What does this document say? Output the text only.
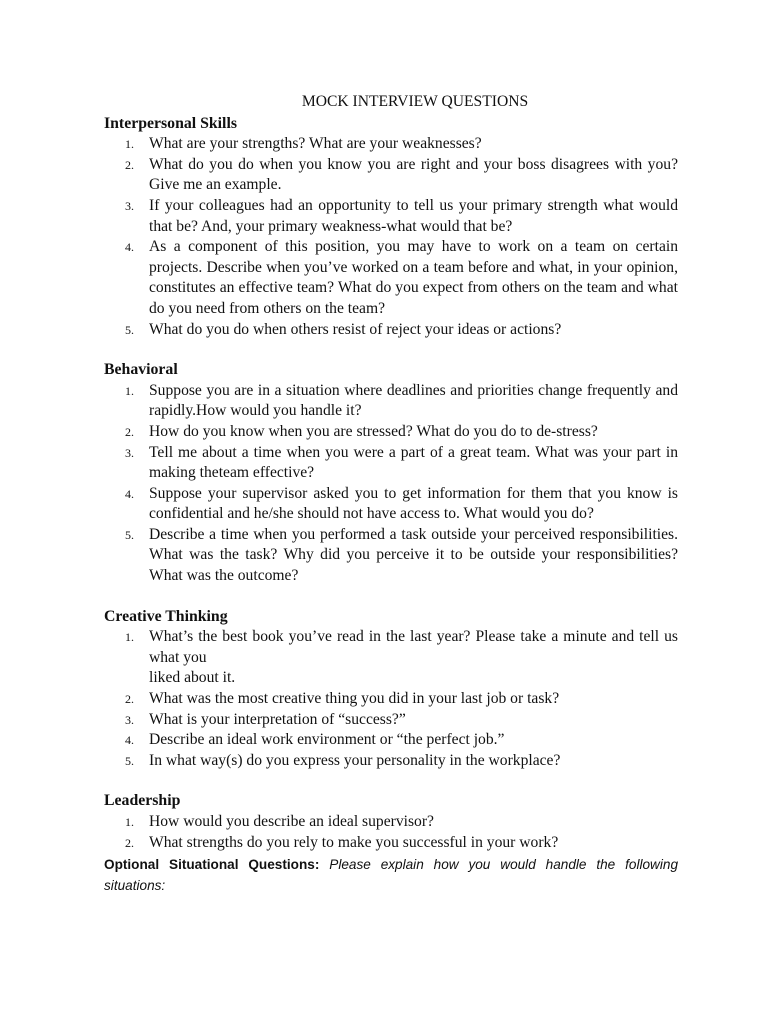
MOCK INTERVIEW QUESTIONS
Interpersonal Skills
1. What are your strengths? What are your weaknesses?
2. What do you do when you know you are right and your boss disagrees with you? Give me an example.
3. If your colleagues had an opportunity to tell us your primary strength what would that be? And, your primary weakness-what would that be?
4. As a component of this position, you may have to work on a team on certain projects. Describe when you’ve worked on a team before and what, in your opinion, constitutes an effective team? What do you expect from others on the team and what do you need from others on the team?
5. What do you do when others resist of reject your ideas or actions?
Behavioral
1. Suppose you are in a situation where deadlines and priorities change frequently and rapidly.How would you handle it?
2. How do you know when you are stressed? What do you do to de-stress?
3. Tell me about a time when you were a part of a great team. What was your part in making theteam effective?
4. Suppose your supervisor asked you to get information for them that you know is confidential and he/she should not have access to. What would you do?
5. Describe a time when you performed a task outside your perceived responsibilities. What was the task? Why did you perceive it to be outside your responsibilities? What was the outcome?
Creative Thinking
1. What’s the best book you’ve read in the last year? Please take a minute and tell us what you
liked about it.
2. What was the most creative thing you did in your last job or task?
3. What is your interpretation of “success?”
4. Describe an ideal work environment or “the perfect job.”
5. In what way(s) do you express your personality in the workplace?
Leadership
1. How would you describe an ideal supervisor?
2. What strengths do you rely to make you successful in your work?
Optional Situational Questions: Please explain how you would handle the following situations:
